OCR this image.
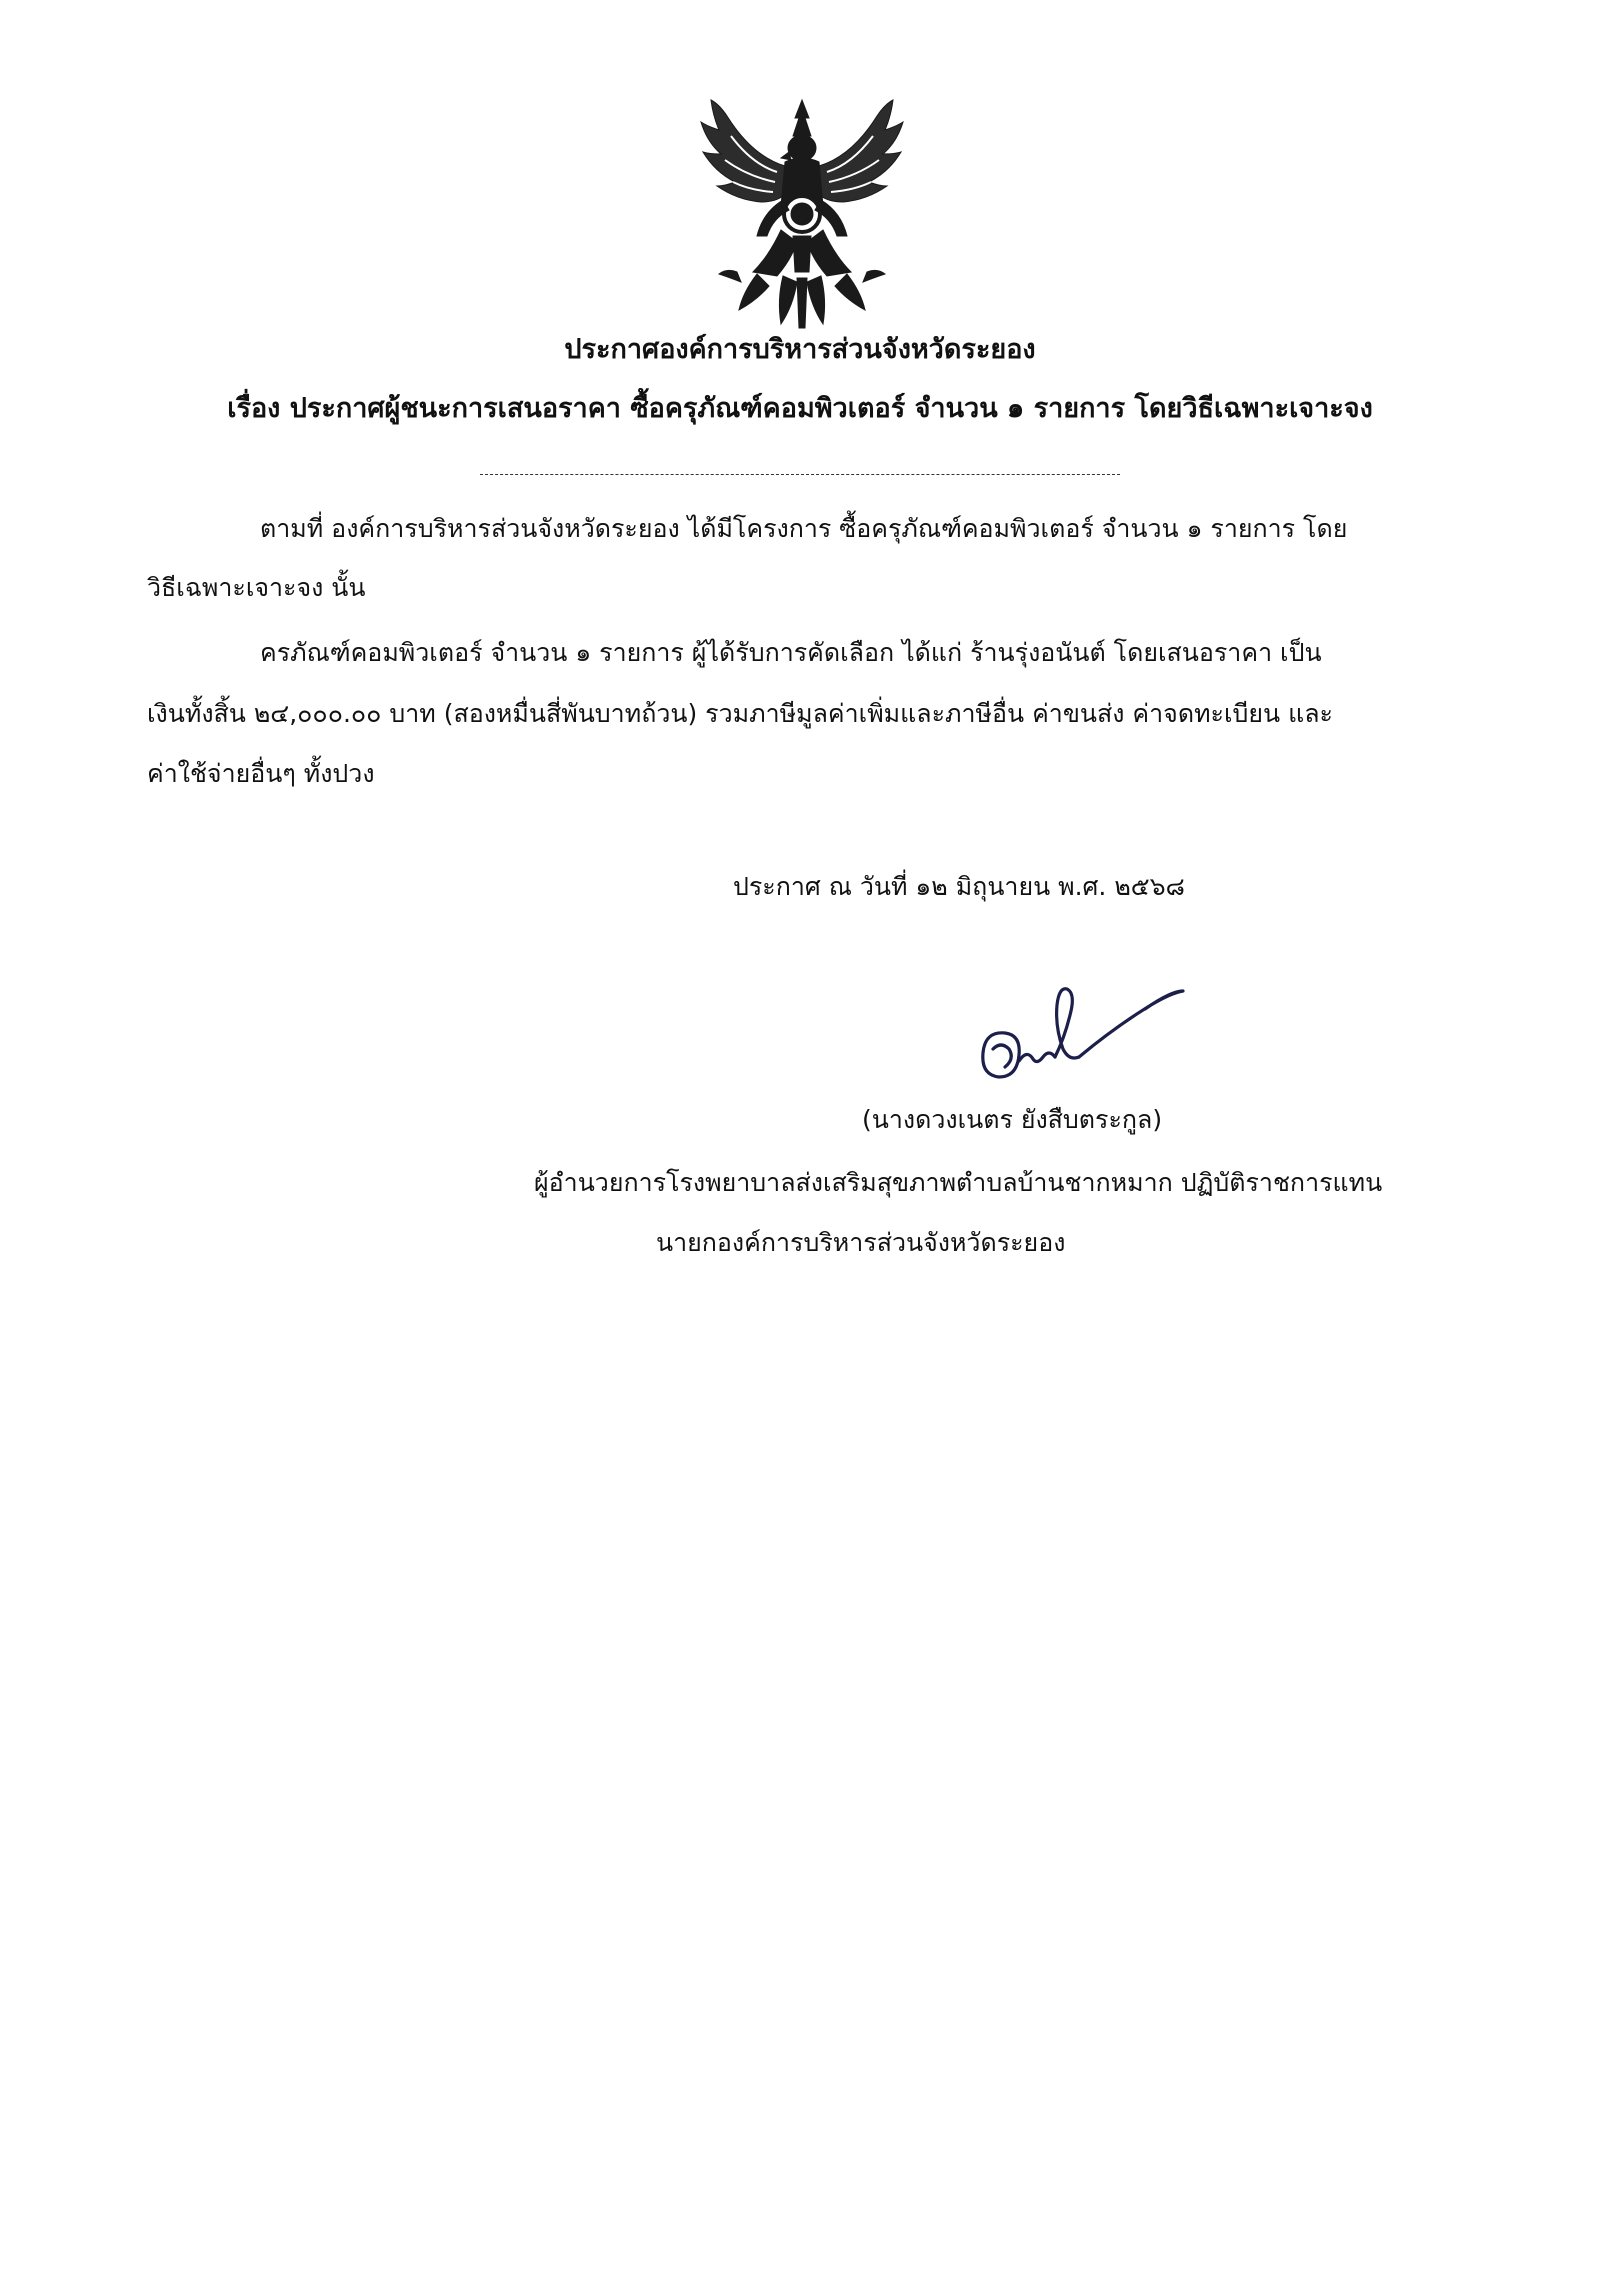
ประกาศองค์การบริหารส่วนจังหวัดระยอง
เรื่อง ประกาศผู้ชนะการเสนอราคา ซื้อครุภัณฑ์คอมพิวเตอร์ จำนวน ๑ รายการ โดยวิธีเฉพาะเจาะจง
ตามที่ องค์การบริหารส่วนจังหวัดระยอง ได้มีโครงการ ซื้อครุภัณฑ์คอมพิวเตอร์ จำนวน ๑ รายการ โดย
วิธีเฉพาะเจาะจง นั้น
ครภัณฑ์คอมพิวเตอร์ จำนวน ๑ รายการ ผู้ได้รับการคัดเลือก ได้แก่ ร้านรุ่งอนันต์ โดยเสนอราคา เป็น
เงินทั้งสิ้น ๒๔,๐๐๐.๐๐ บาท (สองหมื่นสี่พันบาทถ้วน) รวมภาษีมูลค่าเพิ่มและภาษีอื่น ค่าขนส่ง ค่าจดทะเบียน และ
ค่าใช้จ่ายอื่นๆ ทั้งปวง
ประกาศ ณ วันที่ ๑๒ มิถุนายน พ.ศ. ๒๕๖๘
(นางดวงเนตร ยังสืบตระกูล)
ผู้อำนวยการโรงพยาบาลส่งเสริมสุขภาพตำบลบ้านชากหมาก ปฏิบัติราชการแทน
นายกองค์การบริหารส่วนจังหวัดระยอง
